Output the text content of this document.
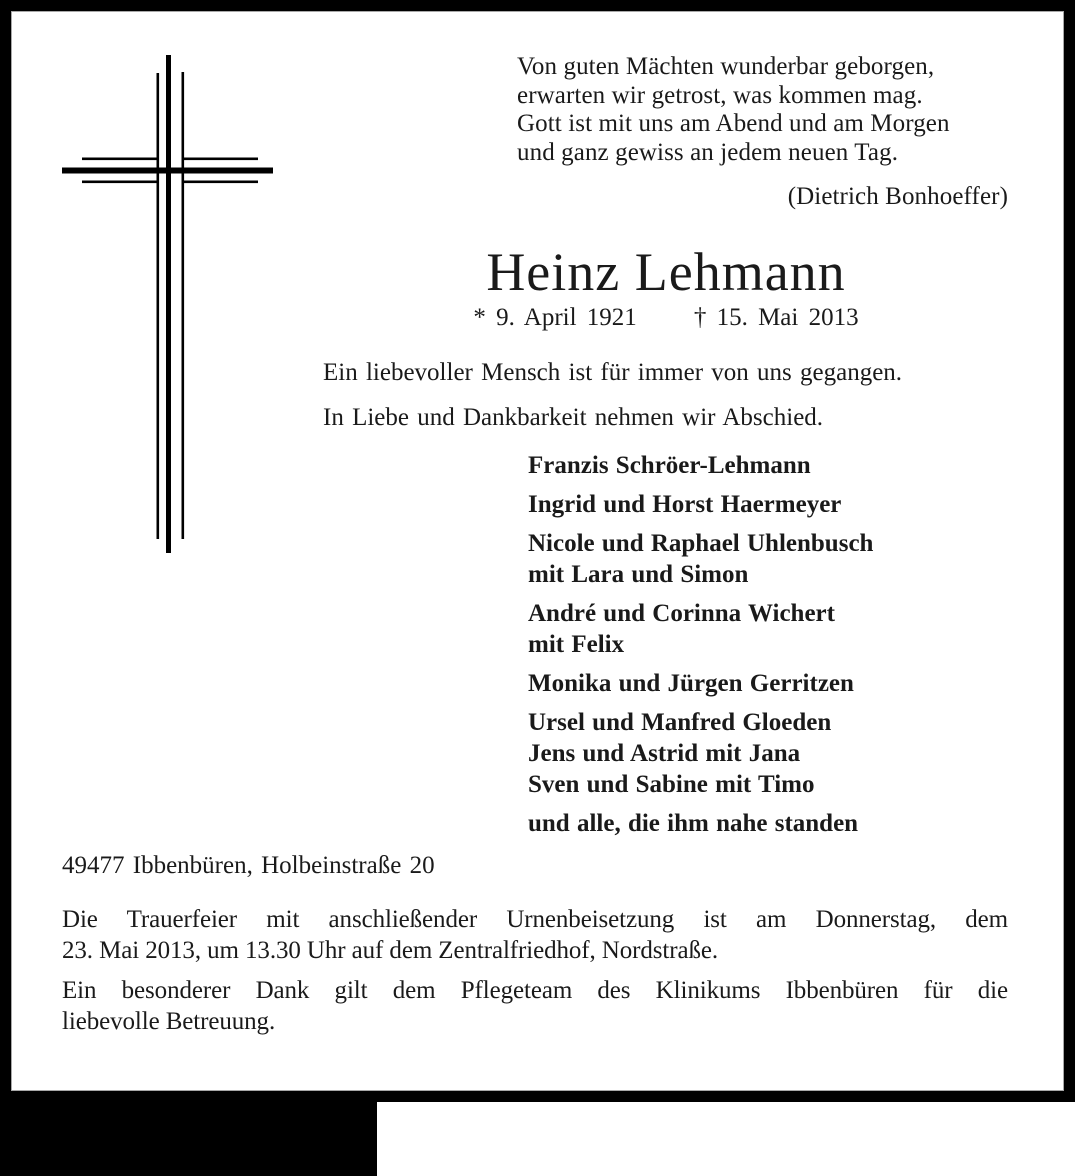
Von guten Mächten wunderbar geborgen,
erwarten wir getrost, was kommen mag.
Gott ist mit uns am Abend und am Morgen
und ganz gewiss an jedem neuen Tag.
(Dietrich Bonhoeffer)
Heinz Lehmann
* 9. April 1921 † 15. Mai 2013

Ein liebevoller Mensch ist für immer von uns gegangen.

In Liebe und Dankbarkeit nehmen wir Abschied.

Franzis Schröer-Lehmann
Ingrid und Horst Haermeyer
Nicole und Raphael Uhlenbusch
mit Lara und Simon
André und Corinna Wichert
mit Felix
Monika und Jürgen Gerritzen
Ursel und Manfred Gloeden
Jens und Astrid mit Jana
Sven und Sabine mit Timo
und alle, die ihm nahe standen

49477 Ibbenbüren, Holbeinstraße 20

Die Trauerfeier mit anschließender Urnenbeisetzung ist am Donnerstag, dem
23. Mai 2013, um 13.30 Uhr auf dem Zentralfriedhof, Nordstraße.
Ein besonderer Dank gilt dem Pflegeteam des Klinikums Ibbenbüren für die
liebevolle Betreuung.
